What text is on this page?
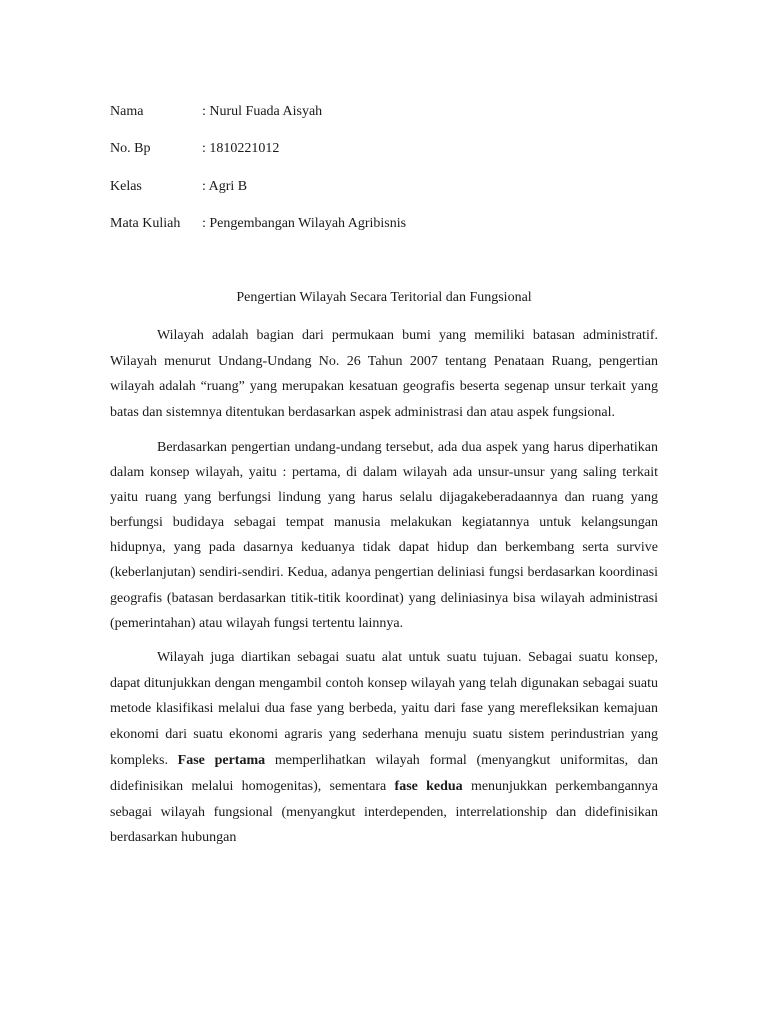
Nama	: Nurul Fuada Aisyah
No. Bp	: 1810221012
Kelas	: Agri B
Mata Kuliah	: Pengembangan Wilayah Agribisnis
Pengertian Wilayah Secara Teritorial dan Fungsional

Wilayah adalah bagian dari permukaan bumi yang memiliki batasan administratif. Wilayah menurut Undang-Undang No. 26 Tahun 2007 tentang Penataan Ruang, pengertian wilayah adalah “ruang” yang merupakan kesatuan geografis beserta segenap unsur terkait yang batas dan sistemnya ditentukan berdasarkan aspek administrasi dan atau aspek fungsional.

Berdasarkan pengertian undang-undang tersebut, ada dua aspek yang harus diperhatikan dalam konsep wilayah, yaitu : pertama, di dalam wilayah ada unsur-unsur yang saling terkait yaitu ruang yang berfungsi lindung yang harus selalu dijagakeberadaannya dan ruang yang berfungsi budidaya sebagai tempat manusia melakukan kegiatannya untuk kelangsungan hidupnya, yang pada dasarnya keduanya tidak dapat hidup dan berkembang serta survive (keberlanjutan) sendiri-sendiri. Kedua, adanya pengertian deliniasi fungsi berdasarkan koordinasi geografis (batasan berdasarkan titik-titik koordinat) yang deliniasinya bisa wilayah administrasi (pemerintahan) atau wilayah fungsi tertentu lainnya.

Wilayah juga diartikan sebagai suatu alat untuk suatu tujuan. Sebagai suatu konsep, dapat ditunjukkan dengan mengambil contoh konsep wilayah yang telah digunakan sebagai suatu metode klasifikasi melalui dua fase yang berbeda, yaitu dari fase yang merefleksikan kemajuan ekonomi dari suatu ekonomi agraris yang sederhana menuju suatu sistem perindustrian yang kompleks. Fase pertama memperlihatkan wilayah formal (menyangkut uniformitas, dan didefinisikan melalui homogenitas), sementara fase kedua menunjukkan perkembangannya sebagai wilayah fungsional (menyangkut interdependen, interrelationship dan didefinisikan berdasarkan hubungan
